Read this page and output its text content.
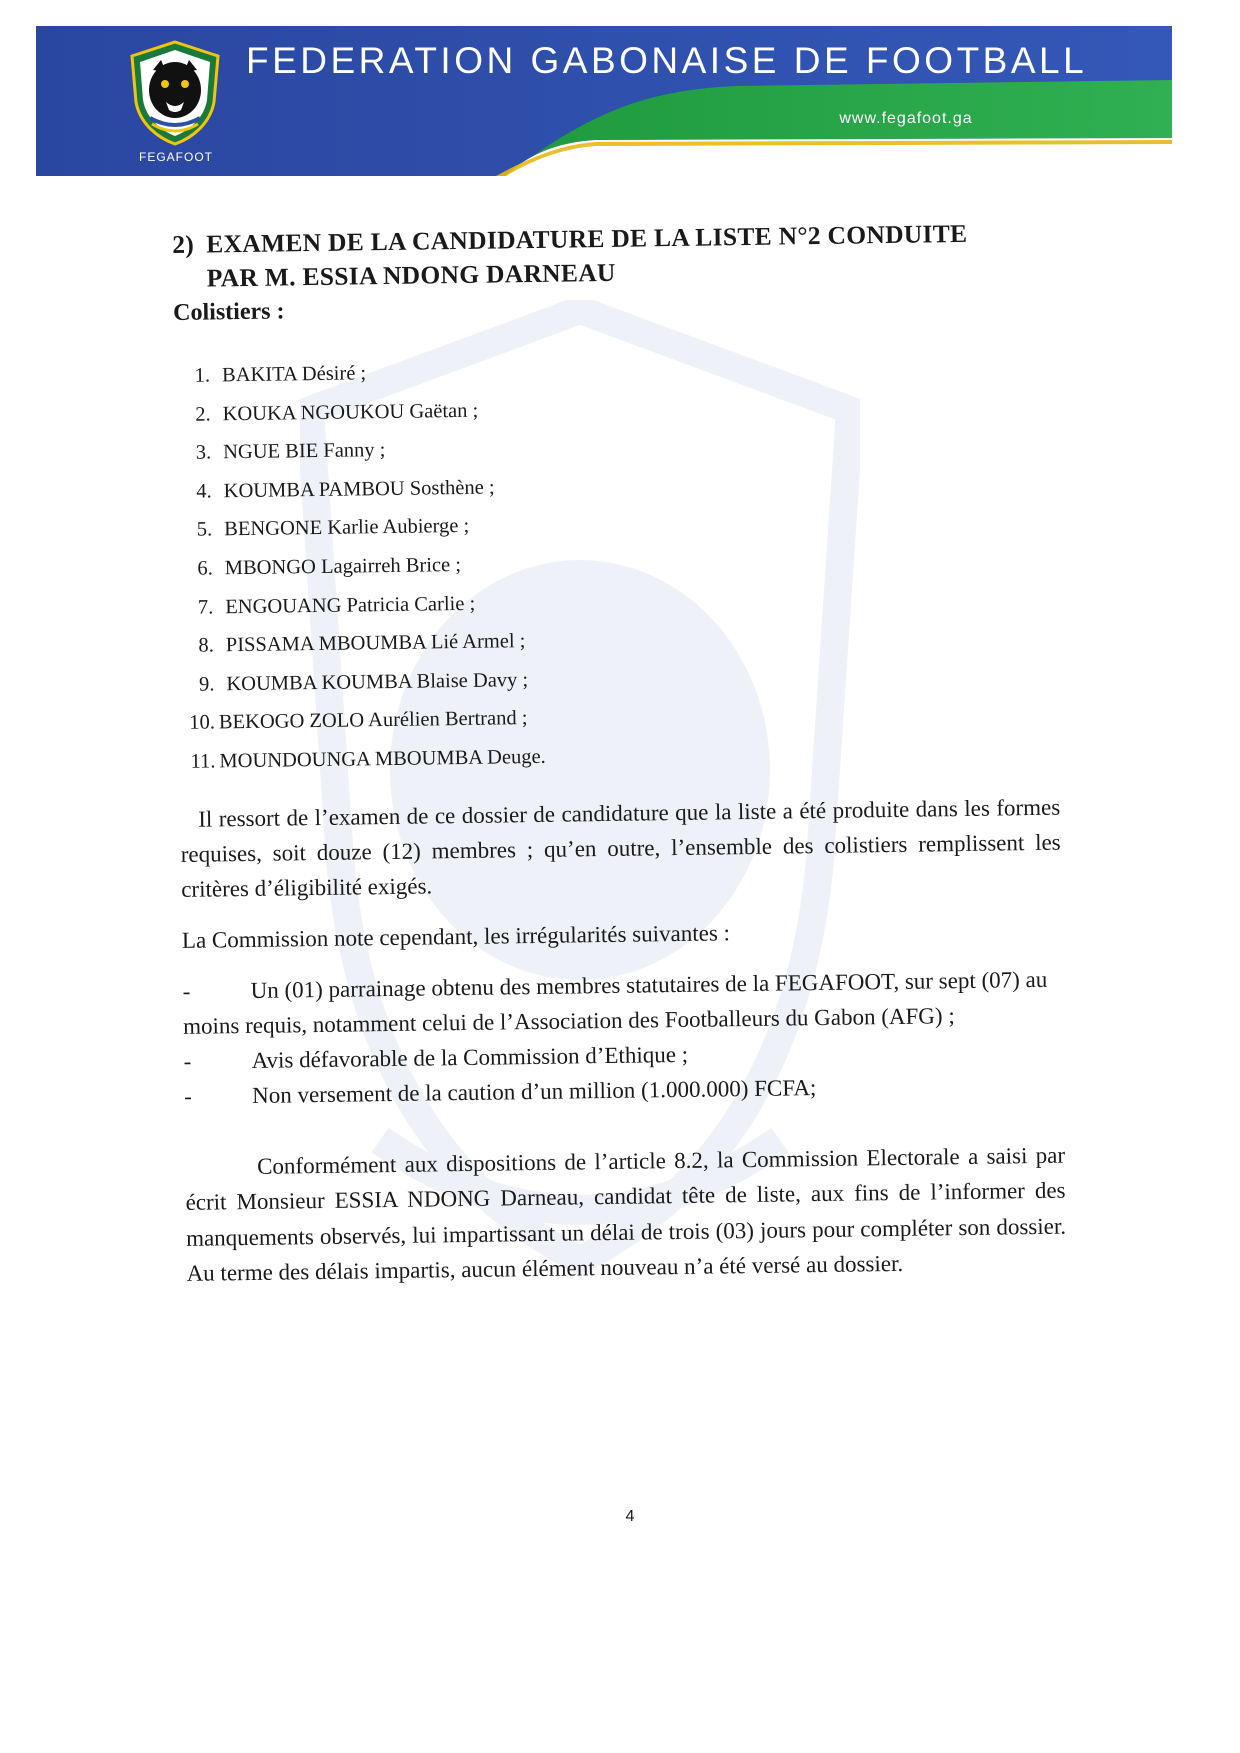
FEGAFOOT
FEDERATION GABONAISE DE FOOTBALL
www.fegafoot.ga
2) EXAMEN DE LA CANDIDATURE DE LA LISTE N°2 CONDUITE
PAR M. ESSIA NDONG DARNEAU
Colistiers :
1. BAKITA Désiré ;
2. KOUKA NGOUKOU Gaëtan ;
3. NGUE BIE Fanny ;
4. KOUMBA PAMBOU Sosthène ;
5. BENGONE Karlie Aubierge ;
6. MBONGO Lagairreh Brice ;
7. ENGOUANG Patricia Carlie ;
8. PISSAMA MBOUMBA Lié Armel ;
9. KOUMBA KOUMBA Blaise Davy ;
10. BEKOGO ZOLO Aurélien Bertrand ;
11. MOUNDOUNGA MBOUMBA Deuge.

Il ressort de l’examen de ce dossier de candidature que la liste a été produite dans les formes requises, soit douze (12) membres ; qu’en outre, l’ensemble des colistiers remplissent les critères d’éligibilité exigés.

La Commission note cependant, les irrégularités suivantes :

-	Un (01) parrainage obtenu des membres statutaires de la FEGAFOOT, sur sept (07) au moins requis, notamment celui de l’Association des Footballeurs du Gabon (AFG) ;
-	Avis défavorable de la Commission d’Ethique ;
-	Non versement de la caution d’un million (1.000.000) FCFA;

Conformément aux dispositions de l’article 8.2, la Commission Electorale a saisi par écrit Monsieur ESSIA NDONG Darneau, candidat tête de liste, aux fins de l’informer des manquements observés, lui impartissant un délai de trois (03) jours pour compléter son dossier. Au terme des délais impartis, aucun élément nouveau n’a été versé au dossier.

4
